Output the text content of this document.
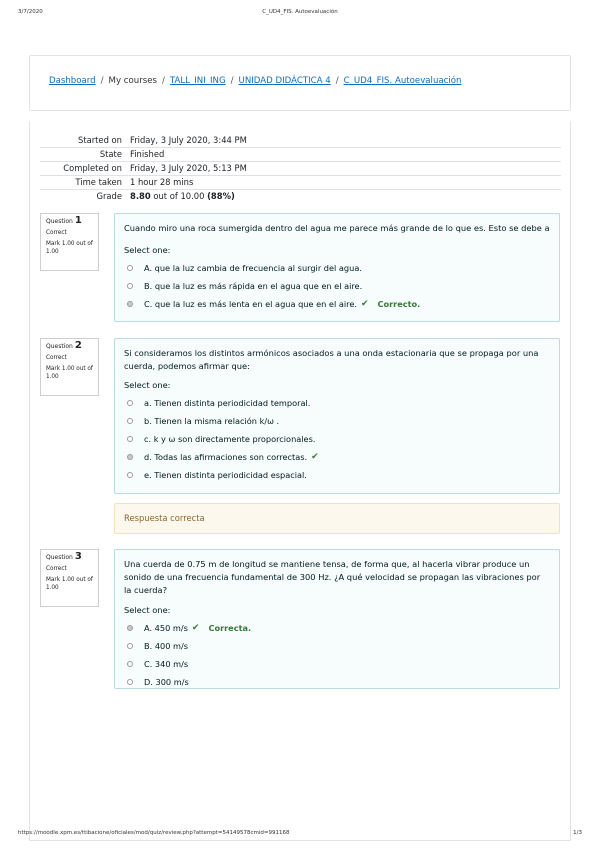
3/7/2020	C_UD4_FIS. Autoevaluación
Dashboard / My courses / TALL_INI_ING / UNIDAD DIDÁCTICA 4 / C_UD4_FIS. Autoevaluación
Started on	Friday, 3 July 2020, 3:44 PM
State	Finished
Completed on	Friday, 3 July 2020, 5:13 PM
Time taken	1 hour 28 mins
Grade	8.80 out of 10.00 (88%)
Question 1
Correct
Mark 1.00 out of 1.00
Cuando miro una roca sumergida dentro del agua me parece más grande de lo que es. Esto se debe a
Select one:
A. que la luz cambia de frecuencia al surgir del agua.
B. que la luz es más rápida en el agua que en el aire.
C. que la luz es más lenta en el agua que en el aire. ✔ Correcto.
Question 2
Correct
Mark 1.00 out of 1.00
Si consideramos los distintos armónicos asociados a una onda estacionaria que se propaga por una cuerda, podemos afirmar que:
Select one:
a. Tienen distinta periodicidad temporal.
b. Tienen la misma relación k/ω .
c. k y ω son directamente proporcionales.
d. Todas las afirmaciones son correctas. ✔
e. Tienen distinta periodicidad espacial.
Respuesta correcta
Question 3
Correct
Mark 1.00 out of 1.00
Una cuerda de 0.75 m de longitud se mantiene tensa, de forma que, al hacerla vibrar produce un sonido de una frecuencia fundamental de 300 Hz. ¿A qué velocidad se propagan las vibraciones por la cuerda?
Select one:
A. 450 m/s ✔ Correcta.
B. 400 m/s
C. 340 m/s
D. 300 m/s
https://moodle.xpm.es/ttibacione/oficiales/mod/quiz/review.php?attempt=54149578cmid=991168	1/3
